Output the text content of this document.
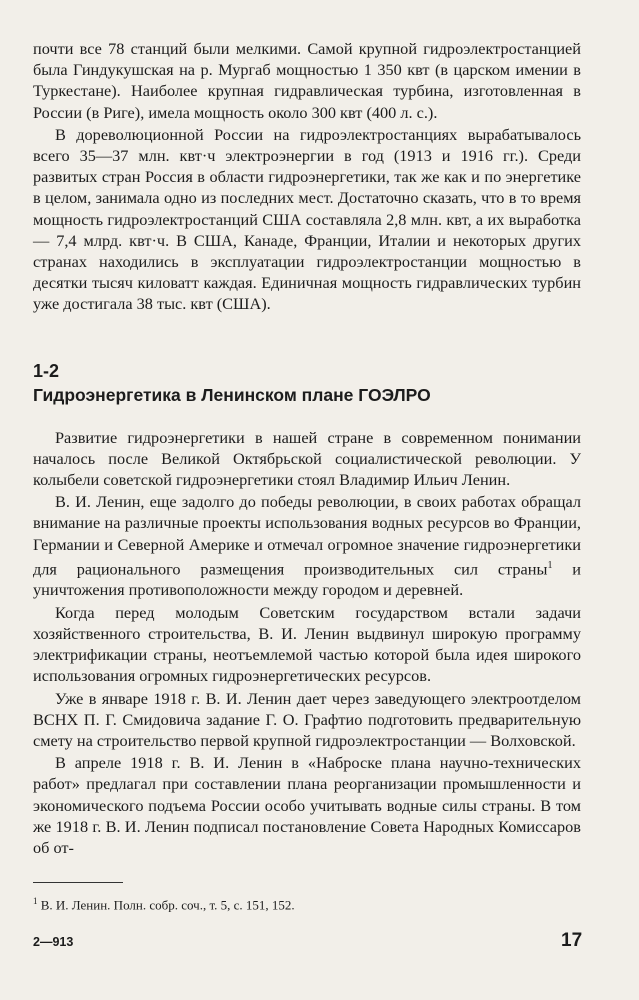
почти все 78 станций были мелкими. Самой крупной гидроэлектростанцией была Гиндукушская на р. Мургаб мощностью 1 350 квт (в царском имении в Туркестане). Наиболее крупная гидравлическая турбина, изготовленная в России (в Риге), имела мощность около 300 квт (400 л. с.).

В дореволюционной России на гидроэлектростанциях вырабатывалось всего 35—37 млн. квт·ч электроэнергии в год (1913 и 1916 гг.). Среди развитых стран Россия в области гидроэнергетики, так же как и по энергетике в целом, занимала одно из последних мест. Достаточно сказать, что в то время мощность гидроэлектростанций США составляла 2,8 млн. квт, а их выработка — 7,4 млрд. квт·ч. В США, Канаде, Франции, Италии и некоторых других странах находились в эксплуатации гидроэлектростанции мощностью в десятки тысяч киловатт каждая. Единичная мощность гидравлических турбин уже достигала 38 тыс. квт (США).

1-2
Гидроэнергетика в Ленинском плане ГОЭЛРО

Развитие гидроэнергетики в нашей стране в современном понимании началось после Великой Октябрьской социалистической революции. У колыбели советской гидроэнергетики стоял Владимир Ильич Ленин.

В. И. Ленин, еще задолго до победы революции, в своих работах обращал внимание на различные проекты использования водных ресурсов во Франции, Германии и Северной Америке и отмечал огромное значение гидроэнергетики для рационального размещения производительных сил страны$^1$ и уничтожения противоположности между городом и деревней.

Когда перед молодым Советским государством встали задачи хозяйственного строительства, В. И. Ленин выдвинул широкую программу электрификации страны, неотъемлемой частью которой была идея широкого использования огромных гидроэнергетических ресурсов.

Уже в январе 1918 г. В. И. Ленин дает через заведующего электроотделом ВСНХ П. Г. Смидовича задание Г. О. Графтио подготовить предварительную смету на строительство первой крупной гидроэлектростанции — Волховской.

В апреле 1918 г. В. И. Ленин в «Наброске плана научно-технических работ» предлагал при составлении плана реорганизации промышленности и экономического подъема России особо учитывать водные силы страны. В том же 1918 г. В. И. Ленин подписал постановление Совета Народных Комиссаров об от-

$^1$ В. И. Ленин. Полн. собр. соч., т. 5, с. 151, 152.
2—913	17
